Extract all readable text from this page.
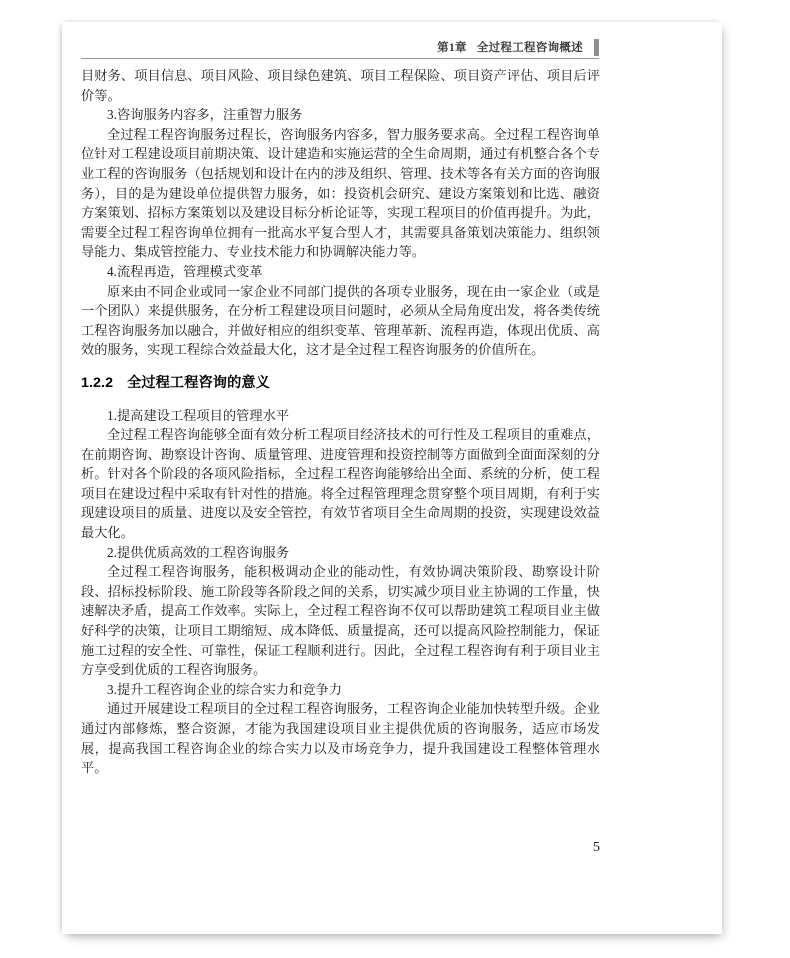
第1章 全过程工程咨询概述

目财务、项目信息、项目风险、项目绿色建筑、项目工程保险、项目资产评估、项目后评价等。

3.咨询服务内容多，注重智力服务

全过程工程咨询服务过程长，咨询服务内容多，智力服务要求高。全过程工程咨询单位针对工程建设项目前期决策、设计建造和实施运营的全生命周期，通过有机整合各个专业工程的咨询服务（包括规划和设计在内的涉及组织、管理、技术等各有关方面的咨询服务），目的是为建设单位提供智力服务，如：投资机会研究、建设方案策划和比选、融资方案策划、招标方案策划以及建设目标分析论证等，实现工程项目的价值再提升。为此，需要全过程工程咨询单位拥有一批高水平复合型人才，其需要具备策划决策能力、组织领导能力、集成管控能力、专业技术能力和协调解决能力等。

4.流程再造，管理模式变革

原来由不同企业或同一家企业不同部门提供的各项专业服务，现在由一家企业（或是一个团队）来提供服务，在分析工程建设项目问题时，必须从全局角度出发，将各类传统工程咨询服务加以融合，并做好相应的组织变革、管理革新、流程再造，体现出优质、高效的服务，实现工程综合效益最大化，这才是全过程工程咨询服务的价值所在。

1.2.2 全过程工程咨询的意义

1.提高建设工程项目的管理水平

全过程工程咨询能够全面有效分析工程项目经济技术的可行性及工程项目的重难点，在前期咨询、勘察设计咨询、质量管理、进度管理和投资控制等方面做到全面面深刻的分析。针对各个阶段的各项风险指标，全过程工程咨询能够给出全面、系统的分析，使工程项目在建设过程中采取有针对性的措施。将全过程管理理念贯穿整个项目周期，有利于实现建设项目的质量、进度以及安全管控，有效节省项目全生命周期的投资，实现建设效益最大化。

2.提供优质高效的工程咨询服务

全过程工程咨询服务，能积极调动企业的能动性，有效协调决策阶段、勘察设计阶段、招标投标阶段、施工阶段等各阶段之间的关系，切实减少项目业主协调的工作量，快速解决矛盾，提高工作效率。实际上，全过程工程咨询不仅可以帮助建筑工程项目业主做好科学的决策，让项目工期缩短、成本降低、质量提高，还可以提高风险控制能力，保证施工过程的安全性、可靠性，保证工程顺利进行。因此，全过程工程咨询有利于项目业主方享受到优质的工程咨询服务。

3.提升工程咨询企业的综合实力和竞争力

通过开展建设工程项目的全过程工程咨询服务，工程咨询企业能加快转型升级。企业通过内部修炼，整合资源，才能为我国建设项目业主提供优质的咨询服务，适应市场发展，提高我国工程咨询企业的综合实力以及市场竞争力，提升我国建设工程整体管理水平。

5
